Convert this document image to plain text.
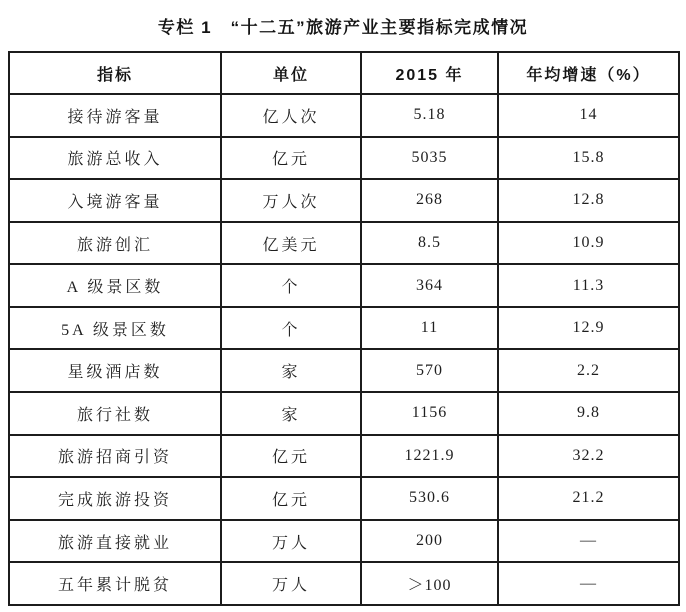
专栏 1　“十二五”旅游产业主要指标完成情况
指标	单位	2015 年	年均增速（%）
接待游客量	亿人次	5.18	14
旅游总收入	亿元	5035	15.8
入境游客量	万人次	268	12.8
旅游创汇	亿美元	8.5	10.9
A 级景区数	个	364	11.3
5A 级景区数	个	11	12.9
星级酒店数	家	570	2.2
旅行社数	家	1156	9.8
旅游招商引资	亿元	1221.9	32.2
完成旅游投资	亿元	530.6	21.2
旅游直接就业	万人	200	—
五年累计脱贫	万人	＞100	—
